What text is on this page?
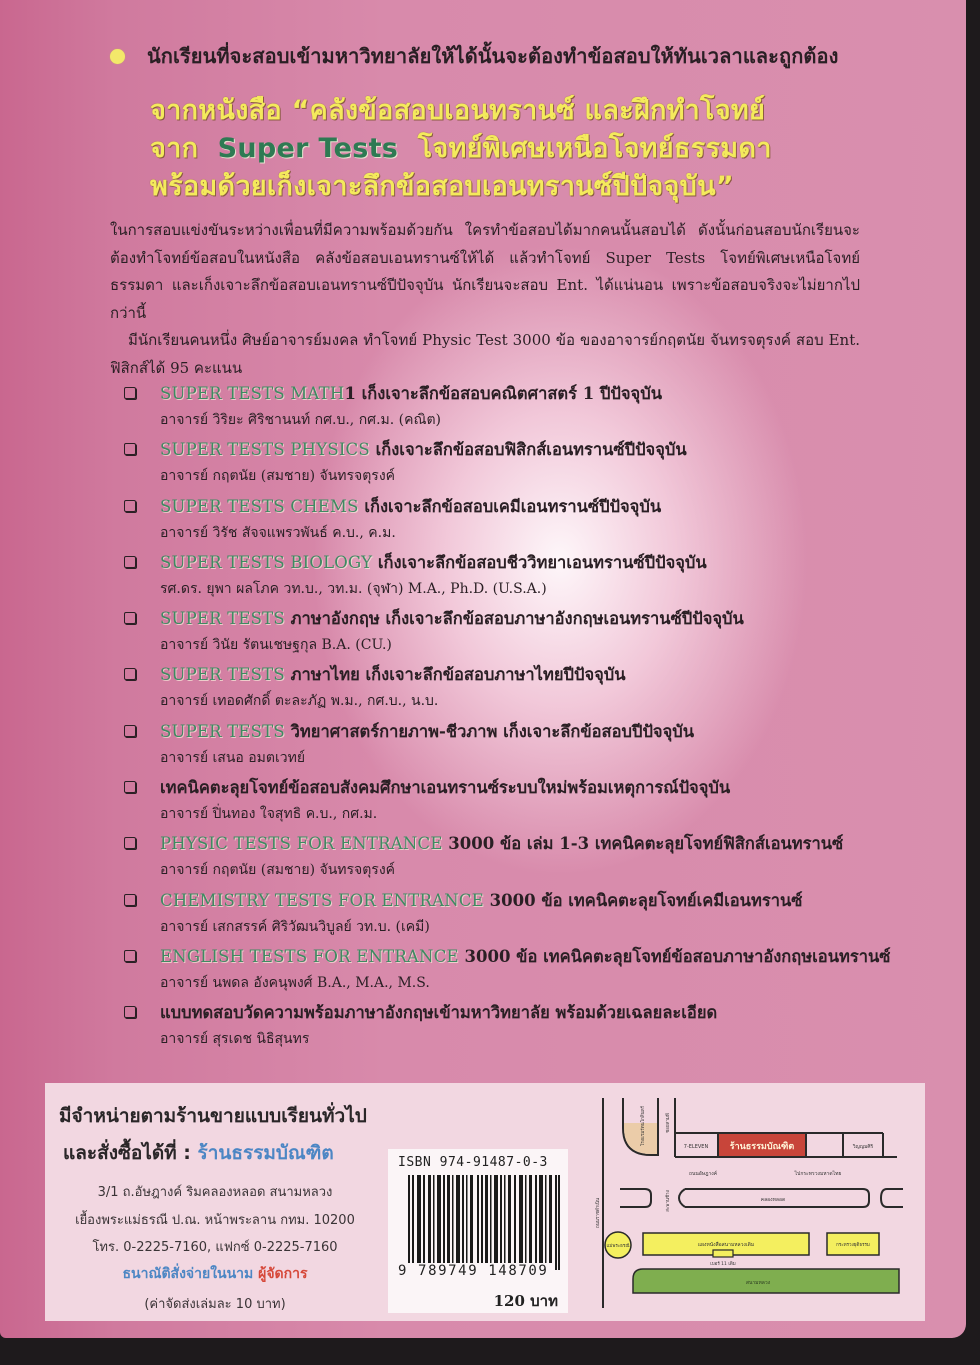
นักเรียนที่จะสอบเข้ามหาวิทยาลัยให้ได้นั้นจะต้องทำข้อสอบให้ทันเวลาและถูกต้อง
จากหนังสือ “คลังข้อสอบเอนทรานซ์ และฝึกทำโจทย์
จาก Super Tests โจทย์พิเศษเหนือโจทย์ธรรมดา
พร้อมด้วยเก็งเจาะลึกข้อสอบเอนทรานซ์ปีปัจจุบัน”
ในการสอบแข่งขันระหว่างเพื่อนที่มีความพร้อมด้วยกัน ใครทำข้อสอบได้มากคนนั้นสอบได้ ดังนั้นก่อนสอบนักเรียนจะต้องทำโจทย์ข้อสอบในหนังสือ คลังข้อสอบเอนทรานซ์ให้ได้ แล้วทำโจทย์ Super Tests โจทย์พิเศษเหนือโจทย์ธรรมดา และเก็งเจาะลึกข้อสอบเอนทรานซ์ปีปัจจุบัน นักเรียนจะสอบ Ent. ได้แน่นอน เพราะข้อสอบจริงจะไม่ยากไปกว่านี้
มีนักเรียนคนหนึ่ง ศิษย์อาจารย์มงคล ทำโจทย์ Physic Test 3000 ข้อ ของอาจารย์กฤตนัย จันทรจตุรงค์ สอบ Ent. ฟิสิกส์ได้ 95 คะแนน
SUPER TESTS MATH1 เก็งเจาะลึกข้อสอบคณิตศาสตร์ 1 ปีปัจจุบัน
อาจารย์ วิริยะ ศิริชานนท์ กศ.บ., กศ.ม. (คณิต)
SUPER TESTS PHYSICS เก็งเจาะลึกข้อสอบฟิสิกส์เอนทรานซ์ปีปัจจุบัน
อาจารย์ กฤตนัย (สมชาย) จันทรจตุรงค์
SUPER TESTS CHEMS เก็งเจาะลึกข้อสอบเคมีเอนทรานซ์ปีปัจจุบัน
อาจารย์ วิรัช สัจจแพรวพันธ์ ค.บ., ค.ม.
SUPER TESTS BIOLOGY เก็งเจาะลึกข้อสอบชีววิทยาเอนทรานซ์ปีปัจจุบัน
รศ.ดร. ยุพา ผลโภค วท.บ., วท.ม. (จุฬา) M.A., Ph.D. (U.S.A.)
SUPER TESTS ภาษาอังกฤษ เก็งเจาะลึกข้อสอบภาษาอังกฤษเอนทรานซ์ปีปัจจุบัน
อาจารย์ วินัย รัตนเชษฐกุล B.A. (CU.)
SUPER TESTS ภาษาไทย เก็งเจาะลึกข้อสอบภาษาไทยปีปัจจุบัน
อาจารย์ เทอดศักดิ์ ตะละภัฏ พ.ม., กศ.บ., น.บ.
SUPER TESTS วิทยาศาสตร์กายภาพ-ชีวภาพ เก็งเจาะลึกข้อสอบปีปัจจุบัน
อาจารย์ เสนอ อมตเวทย์
เทคนิคตะลุยโจทย์ข้อสอบสังคมศึกษาเอนทรานซ์ระบบใหม่พร้อมเหตุการณ์ปัจจุบัน
อาจารย์ ปิ่นทอง ใจสุทธิ ค.บ., กศ.ม.
PHYSIC TESTS FOR ENTRANCE 3000 ข้อ เล่ม 1-3 เทคนิคตะลุยโจทย์ฟิสิกส์เอนทรานซ์
อาจารย์ กฤตนัย (สมชาย) จันทรจตุรงค์
CHEMISTRY TESTS FOR ENTRANCE 3000 ข้อ เทคนิคตะลุยโจทย์เคมีเอนทรานซ์
อาจารย์ เสกสรรค์ ศิริวัฒนวิบูลย์ วท.บ. (เคมี)
ENGLISH TESTS FOR ENTRANCE 3000 ข้อ เทคนิคตะลุยโจทย์ข้อสอบภาษาอังกฤษเอนทรานซ์
อาจารย์ นพดล อังคนุพงศ์ B.A., M.A., M.S.
แบบทดสอบวัดความพร้อมภาษาอังกฤษเข้ามหาวิทยาลัย พร้อมด้วยเฉลยละเอียด
อาจารย์ สุรเดช นิธิสุนทร
มีจำหน่ายตามร้านขายแบบเรียนทั่วไป
และสั่งซื้อได้ที่ : ร้านธรรมบัณฑิต
3/1 ถ.อัษฎางค์ ริมคลองหลอด สนามหลวง
เยื้องพระแม่ธรณี ป.ณ. หน้าพระลาน กทม. 10200
โทร. 0-2225-7160, แฟกซ์ 0-2225-7160
ธนาณัติสั่งจ่ายในนาม ผู้จัดการ
(ค่าจัดส่งเล่มละ 10 บาท)
ISBN 974-91487-0-3
9 789749 148709
120 บาท
ร้านธรรมบัณฑิต
7-ELEVEN	วิญญมศิริ
ถนนอัษฎางค์	ไปกระทรวงมหาดไทย
คลองหลอด
แม่พระธรณี	แผงหนังสือสนามหลวงเดิม
เบอร์ 11 เดิม
กระทรวงยุติธรรม
สนามหลวง
ถนนราชดำเนิน
ซอยสามพี
สะพานช้าง
โรงแรมรัตนโกสินทร์
